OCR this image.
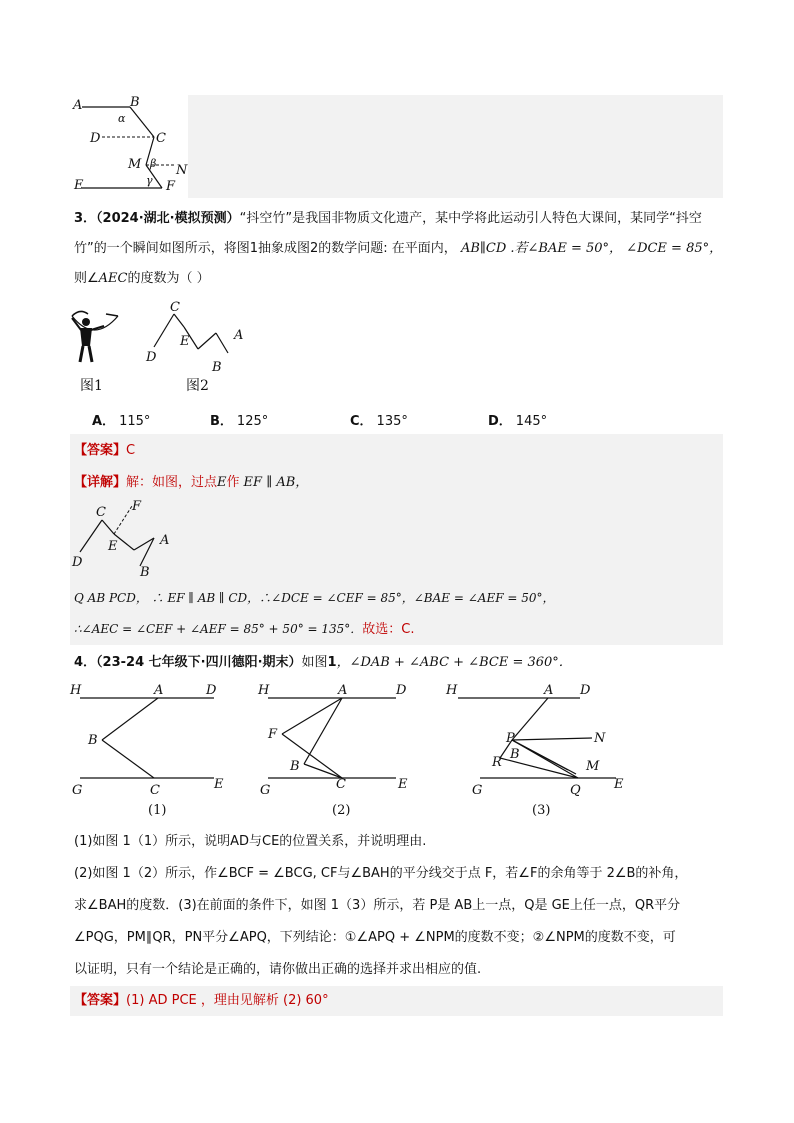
A	B
C
D
E	F
M	N
α
β
γ
3．（2024·湖北·模拟预测）“抖空竹”是我国非物质文化遗产，某中学将此运动引人特色大课间，某同学“抖空
竹”的一个瞬间如图所示，将图1抽象成图2的数学问题: 在平面内， AB∥CD .若∠BAE = 50°， ∠DCE = 85°，
则∠AEC的度数为（ ）
图1
C
D
E	A
B
图2
A． 115°	B． 125°	C． 135°	D． 145°
【答案】C
【详解】解：如图，过点E作 EF ∥ AB，
C F
E	A
D
B
Q AB PCD， ∴ EF ∥ AB ∥ CD，∴∠DCE = ∠CEF = 85°，∠BAE = ∠AEF = 50°，
∴∠AEC = ∠CEF + ∠AEF = 85° + 50° = 135°．故选：C.
4．（23-24 七年级下·四川德阳·期末）如图1，∠DAB + ∠ABC + ∠BCE = 360°．
H	A	D
B
G	C	E
(1)
H	A	D
F
B
G	C	E
(2)
H	A D
P	N
B
R	M
G	Q	E
(3)
(1)如图 1（1）所示，说明AD与CE的位置关系，并说明理由.
(2)如图 1（2）所示，作∠BCF = ∠BCG, CF与∠BAH的平分线交于点 F，若∠F的余角等于 2∠B的补角，
求∠BAH的度数．(3)在前面的条件下，如图 1（3）所示，若 P是 AB上一点，Q是 GE上任一点，QR平分
∠PQG，PM∥QR，PN平分∠APQ，下列结论：①∠APQ + ∠NPM的度数不变；②∠NPM的度数不变，可
以证明，只有一个结论是正确的，请你做出正确的选择并求出相应的值.
【答案】(1) AD PCE ，理由见解析 (2) 60°
